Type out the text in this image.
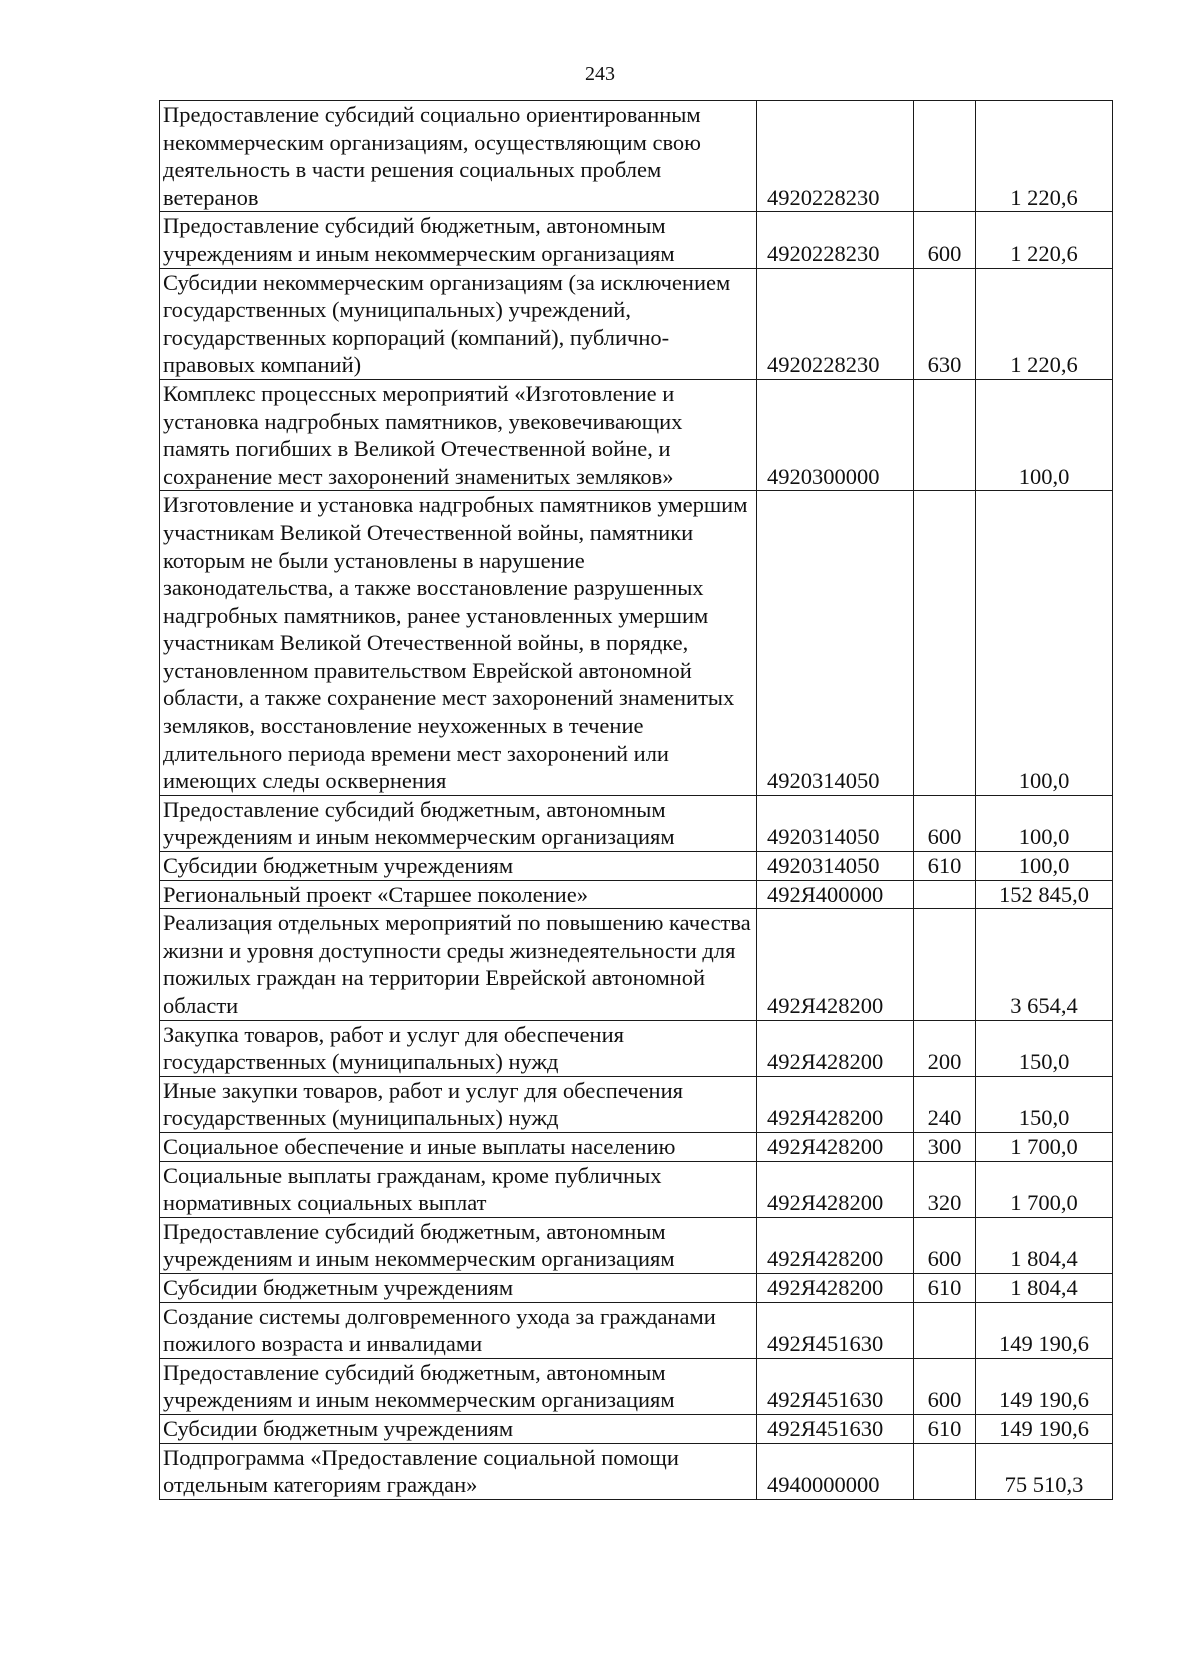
243
Предоставление субсидий социально ориентированным некоммерческим организациям, осуществляющим свою деятельность в части решения социальных проблем ветеранов	4920228230		1 220,6

Предоставление субсидий бюджетным, автономным учреждениям и иным некоммерческим организациям	4920228230	600	1 220,6

Субсидии некоммерческим организациям (за исключением государственных (муниципальных) учреждений, государственных корпораций (компаний), публично-правовых компаний)	4920228230	630	1 220,6

Комплекс процессных мероприятий «Изготовление и установка надгробных памятников, увековечивающих память погибших в Великой Отечественной войне, и сохранение мест захоронений знаменитых земляков»	4920300000		100,0

Изготовление и установка надгробных памятников умершим участникам Великой Отечественной войны, памятники которым не были установлены в нарушение законодательства, а также восстановление разрушенных надгробных памятников, ранее установленных умершим участникам Великой Отечественной войны, в порядке, установленном правительством Еврейской автономной области, а также сохранение мест захоронений знаменитых земляков, восстановление неухоженных в течение длительного периода времени мест захоронений или имеющих следы осквернения	4920314050		100,0

Предоставление субсидий бюджетным, автономным учреждениям и иным некоммерческим организациям	4920314050	600	100,0

Субсидии бюджетным учреждениям	4920314050	610	100,0

Региональный проект «Старшее поколение»	492Я400000		152 845,0

Реализация отдельных мероприятий по повышению качества жизни и уровня доступности среды жизнедеятельности для пожилых граждан на территории Еврейской автономной области	492Я428200		3 654,4

Закупка товаров, работ и услуг для обеспечения государственных (муниципальных) нужд	492Я428200	200	150,0

Иные закупки товаров, работ и услуг для обеспечения государственных (муниципальных) нужд	492Я428200	240	150,0

Социальное обеспечение и иные выплаты населению	492Я428200	300	1 700,0

Социальные выплаты гражданам, кроме публичных нормативных социальных выплат	492Я428200	320	1 700,0

Предоставление субсидий бюджетным, автономным учреждениям и иным некоммерческим организациям	492Я428200	600	1 804,4

Субсидии бюджетным учреждениям	492Я428200	610	1 804,4

Создание системы долговременного ухода за гражданами пожилого возраста и инвалидами	492Я451630		149 190,6

Предоставление субсидий бюджетным, автономным учреждениям и иным некоммерческим организациям	492Я451630	600	149 190,6

Субсидии бюджетным учреждениям	492Я451630	610	149 190,6

Подпрограмма «Предоставление социальной помощи отдельным категориям граждан»	4940000000		75 510,3
